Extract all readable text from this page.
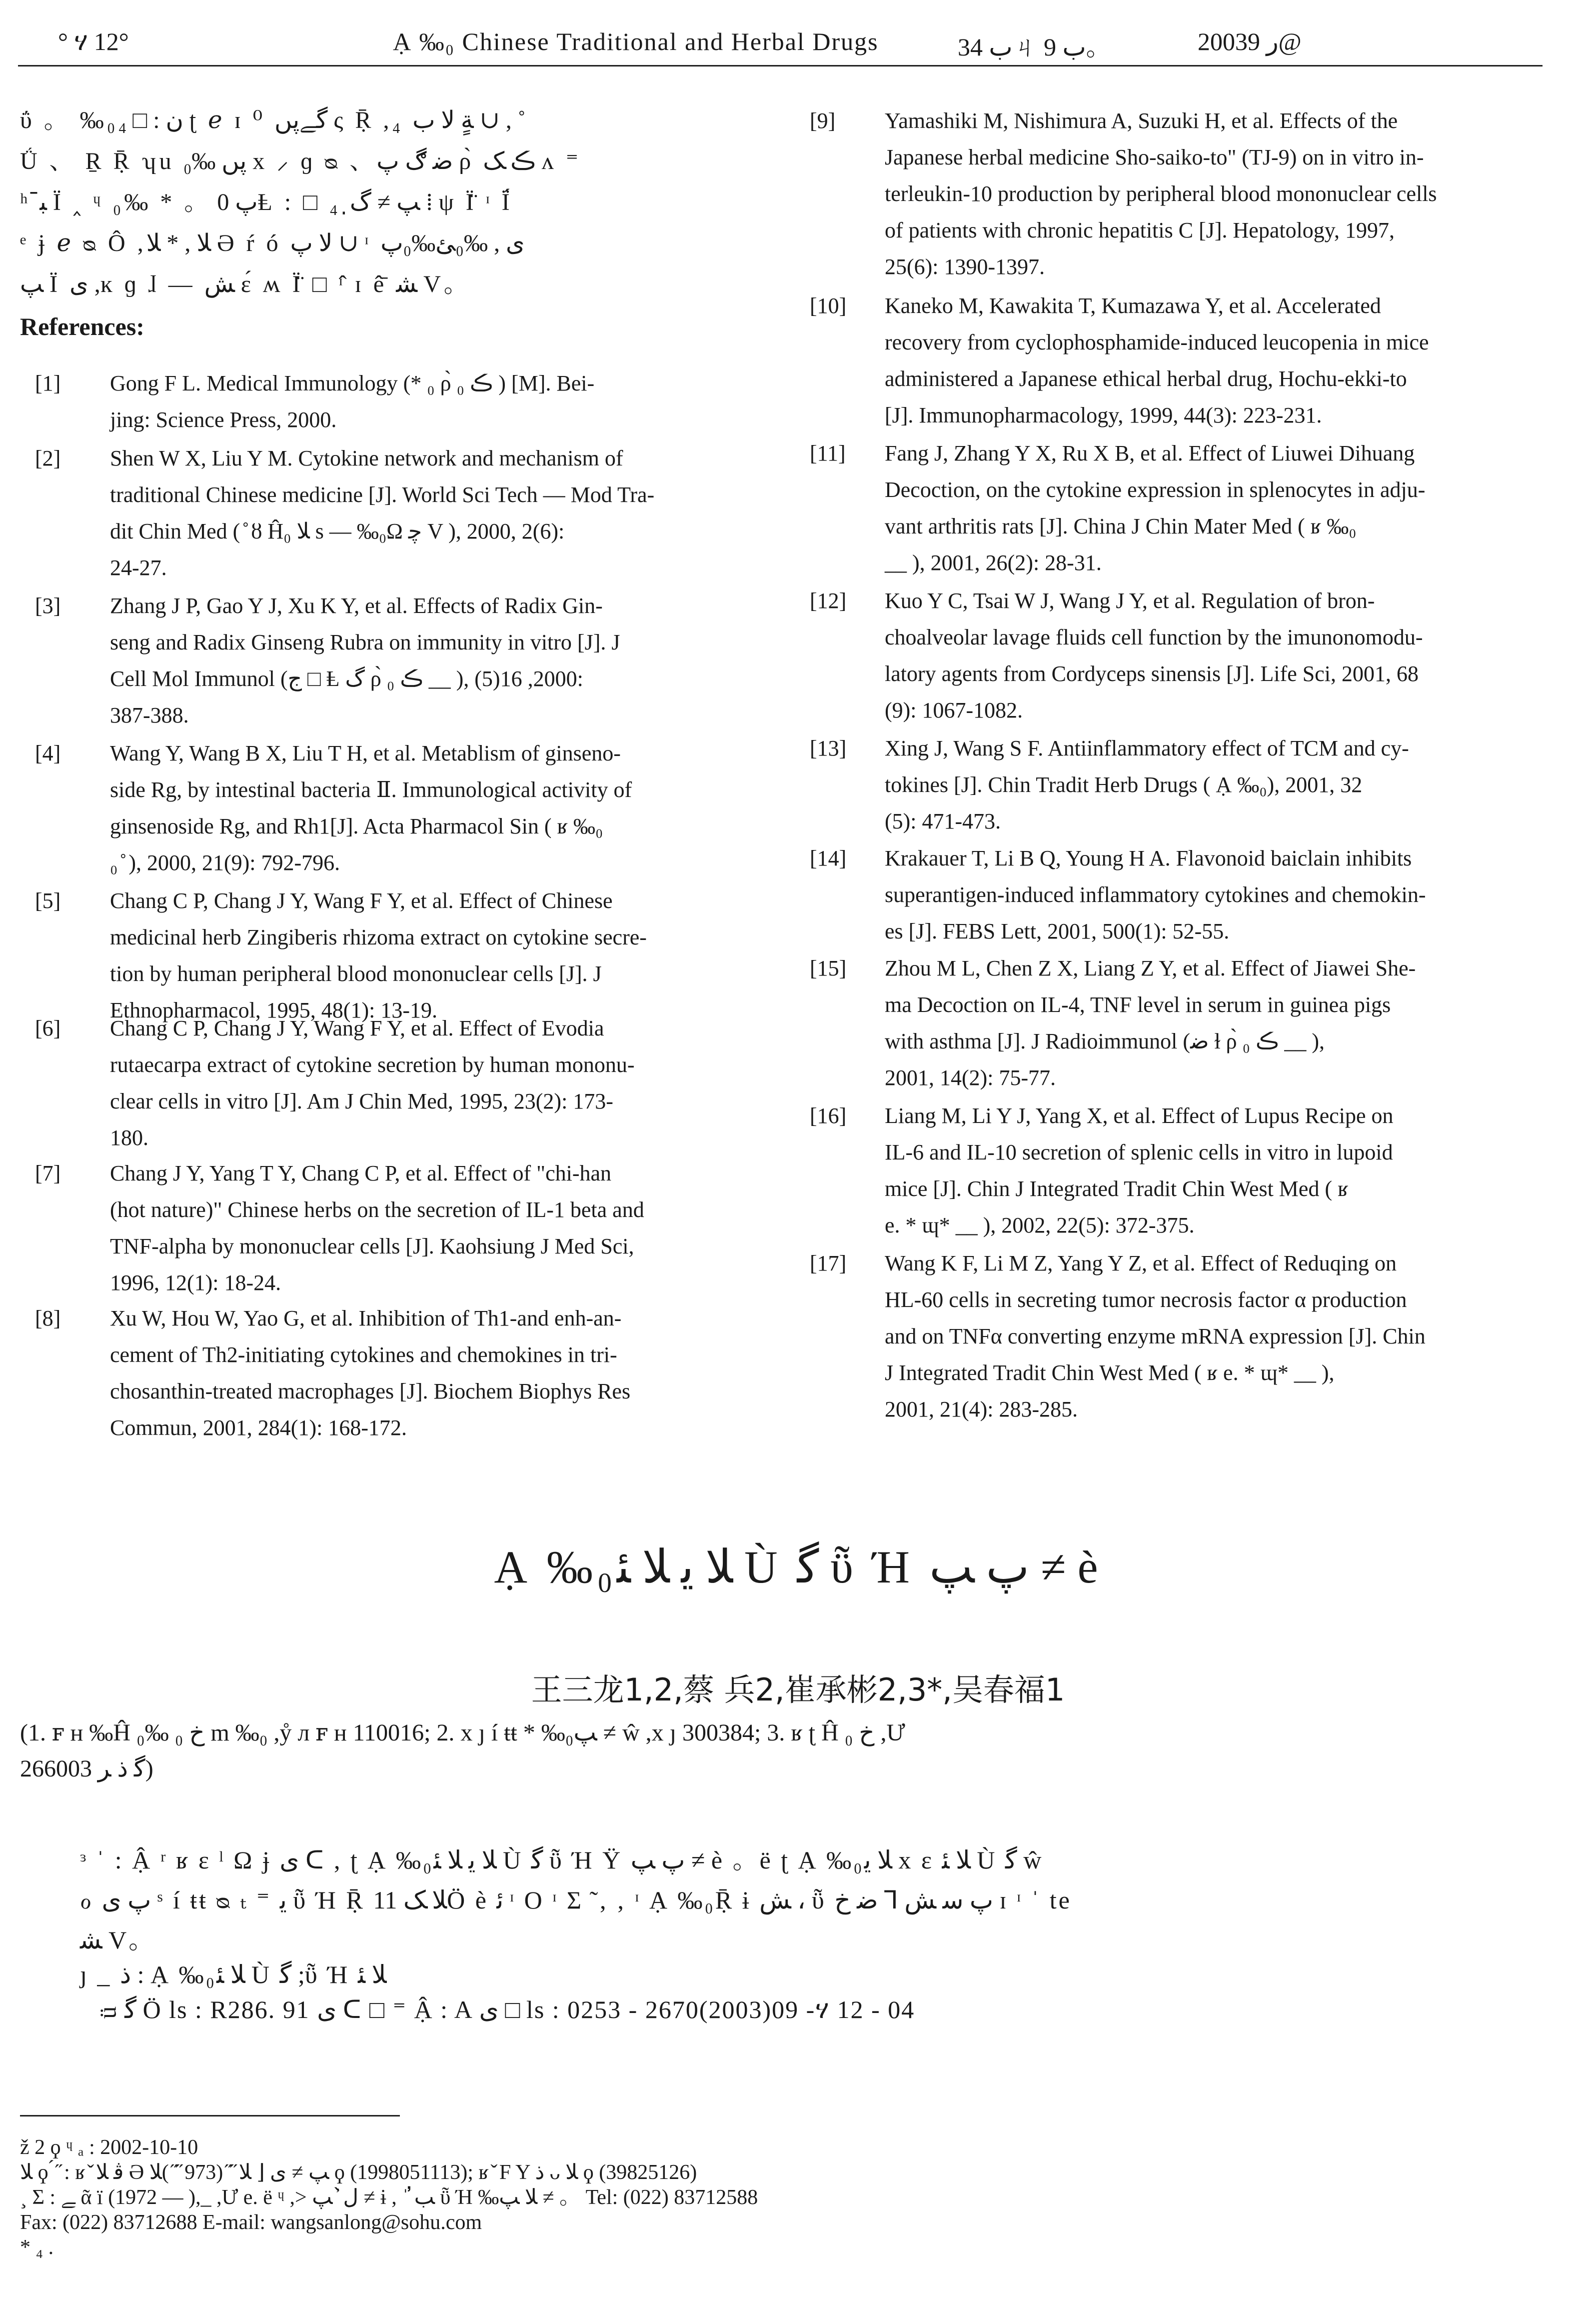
° ሃ 12°	Ạ ‰₀ Chinese Traditional and Herbal Drugs	ب 34ㄐ ب 9。	2003ر 9@
ΰ 。 ‰₀ن : □ ₄ ʈ ℯ ɪ ⁰ ﮔﮯپں ς Ṝ ,₄ ﺔٍ ﻻ ب ∪ , ˚
Ǘ 、 Ṟ Ṝ ʮu پں ‰₀ x ⸝ ɡ ᴓ 、ﺿ ڰ ﭖ ρ̀ ڪ ﮏ ᴧ ⁼
ʰ ﺒ̄ Ϊ ‸ ᶣ ﭖ 0 。 * ‰₀Ⱡ : □ ₄ ﭗ ≠ ﮒ̣ ⁞ ψ Ϊ̈ ᶦ Ϊ́
ᵉ ɉ ℯ ᴓ Ô ,ﻼ , * ﻼ Ə ŕ ó ﻻ ﭖ ∪ ᶦ ﯼ , ‰₀ﺊ‰₀ﭖ
ﭗ Ϊ ﯼ ,ĸ ɡ ɺ — ﺶ ɛ́ ʍ Ϊ̈ □ ᶦ̂ ɪ ê̄ ﺸ V。
References:
[1] Gong F L. Medical Immunology (* ₀ ρ̀ ڪ ₀ ) [M]. Bei-
jing: Science Press, 2000.
[2] Shen W X, Liu Y M. Cytokine network and mechanism of
traditional Chinese medicine [J]. World Sci Tech — Mod Tra-
dit Chin Med ( ̊ ȣ Ĥ₀ ﻼ s — ‰₀Ω ﭼ V ), 2000, 2(6):
24-27.
[3] Zhang J P, Gao Y J, Xu K Y, et al. Effects of Radix Gin-
seng and Radix Ginseng Rubra on immunity in vitro [J]. J
Cell Mol Immunol (ﺝ □ Ⱡ ﮒ ρ̀ ڪ ₀ __ ), 2000, 16(5):
387-388.
[4] Wang Y, Wang B X, Liu T H, et al. Metablism of ginseno-
side Rg, by intestinal bacteria Ⅱ. Immunological activity of
ginsenoside Rg, and Rh1[J]. Acta Pharmacol Sin ( ʁ ‰₀
₀ ̊ ), 2000, 21(9): 792-796.
[5] Chang C P, Chang J Y, Wang F Y, et al. Effect of Chinese
medicinal herb Zingiberis rhizoma extract on cytokine secre-
tion by human peripheral blood mononuclear cells [J]. J
Ethnopharmacol, 1995, 48(1): 13-19.
[6] Chang C P, Chang J Y, Wang F Y, et al. Effect of Evodia
rutaecarpa extract of cytokine secretion by human mononu-
clear cells in vitro [J]. Am J Chin Med, 1995, 23(2): 173-
180.
[7] Chang J Y, Yang T Y, Chang C P, et al. Effect of "chi-han
(hot nature)" Chinese herbs on the secretion of IL-1 beta and
TNF-alpha by mononuclear cells [J]. Kaohsiung J Med Sci,
1996, 12(1): 18-24.
[8] Xu W, Hou W, Yao G, et al. Inhibition of Th1-and enh-an-
cement of Th2-initiating cytokines and chemokines in tri-
chosanthin-treated macrophages [J]. Biochem Biophys Res
Commun, 2001, 284(1): 168-172.
[9] Yamashiki M, Nishimura A, Suzuki H, et al. Effects of the
Japanese herbal medicine Sho-saiko-to" (TJ-9) on in vitro in-
terleukin-10 production by peripheral blood mononuclear cells
of patients with chronic hepatitis C [J]. Hepatology, 1997,
25(6): 1390-1397.
[10] Kaneko M, Kawakita T, Kumazawa Y, et al. Accelerated
recovery from cyclophosphamide-induced leucopenia in mice
administered a Japanese ethical herbal drug, Hochu-ekki-to
[J]. Immunopharmacology, 1999, 44(3): 223-231.
[11] Fang J, Zhang Y X, Ru X B, et al. Effect of Liuwei Dihuang
Decoction, on the cytokine expression in splenocytes in adju-
vant arthritis rats [J]. China J Chin Mater Med ( ʁ ‰₀
__ ), 2001, 26(2): 28-31.
[12] Kuo Y C, Tsai W J, Wang J Y, et al. Regulation of bron-
choalveolar lavage fluids cell function by the imunonomodu-
latory agents from Cordyceps sinensis [J]. Life Sci, 2001, 68
(9): 1067-1082.
[13] Xing J, Wang S F. Antiinflammatory effect of TCM and cy-
tokines [J]. Chin Tradit Herb Drugs ( Ạ ‰₀), 2001, 32
(5): 471-473.
[14] Krakauer T, Li B Q, Young H A. Flavonoid baiclain inhibits
superantigen-induced inflammatory cytokines and chemokin-
es [J]. FEBS Lett, 2001, 500(1): 52-55.
[15] Zhou M L, Chen Z X, Liang Z Y, et al. Effect of Jiawei She-
ma Decoction on IL-4, TNF level in serum in guinea pigs
with asthma [J]. J Radioimmunol (ﺿ ɫ ρ̀ ڪ ₀ __ ),
2001, 14(2): 75-77.
[16] Liang M, Li Y J, Yang X, et al. Effect of Lupus Recipe on
IL-6 and IL-10 secretion of splenic cells in vitro in lupoid
mice [J]. Chin J Integrated Tradit Chin West Med ( ʁ
e. * ɰ* __ ), 2002, 22(5): 372-375.
[17] Wang K F, Li M Z, Yang Y Z, et al. Effect of Reduqing on
HL-60 cells in secreting tumor necrosis factor α production
and on TNFα converting enzyme mRNA expression [J]. Chin
J Integrated Tradit Chin West Med ( ʁ e. * ɰ* __ ),
2001, 21(4): 283-285.
Ạ ‰₀ﻼ ﯾ ﻼ ﺌ Ù ﮔ ῧ Ή ﭖ ﭗ ≠ è
王三龙1,2,蔡 兵2,崔承彬2,3*,吴春福1
(1. ꜰ ʜ ‰Ĥ ﺥ ₀ ‰₀ m ‰₀ ,ẙ ᴫ ꜰ ʜ 110016; 2. x ȷ í ŧŧ * ‰₀ﭗ ≠ ŵ ,x ȷ 300384; 3. ʁ ʈ Ĥ ﺥ ₀ ,Ư
ﮔ ﺫ ﺮ 266003)
ᵌ ˈ : Ậ ʳ ʁ ɛ ˡ Ω ɉ ﯼ ᑕ , ʈ Ạ ‰₀ﻼ ﯾ ﻼ ﺌ Ù ﮔ ῧ Ή Ÿ ﭖ ﭗ ≠ è 。ë ʈ Ạ ‰₀ﻼ ﯾ x ɛ ﻼ ﺌ Ù ﮔ ŵ
ℴ ﭖ ﯼ ˢ í ŧŧ ᴓ ₜ ⁼ ﯾ ῧ Ή Ṝ ﻼ ﮏ 11Ö è ﺋ ᶦ O ᶦ Σ ̃ , ‚ ᶦ Ạ ‰₀Ṝ ɨ ﺶ ، ῧ ﭖ ﺳ ﺶ ⅂ ﺿ ﺥ ɪ ᶦ ˈ te
ﺸ V。
ȷ _ ﺫ : Ạ ‰₀ﻼ ﺌ Ù ﮔ ;ῧ Ή ﻼ ﺌ
ᴞ ﮔ Ö ls : R286. 91 ﯼ ᑕ □ ⁼ Ậ : A ﯼ □ ls : 0253 - 2670(2003)09 -ሃ 12 - 04
ž 2 ϙ ᶣ ₐ : 2002-10-10
ﻼ ϙ ́ ̋ : ʁ ̌ ﭬ ﻼ Ə ﭗ ≠ ﯼ ⌊ ﻼ ̋ ̋ (973 ̋ ̋ )ﻼ ϙ (1998051113); ʁ ̌ F Y ﺫ ᴗ ﻼ ϙ (39825126)
¸ Σ : ﮯ ᾶ ï (1972 — ),_ ,Ư e. ë ᶣ ,> ﻝ̀ ̓ ﭗ ≠ ɨ , ˈ ﺐ̓ ῧ Ή ‰ﻼ ﭗ ≠ 。 Tel: (022) 83712588
Fax: (022) 83712688 E-mail: wangsanlong@sohu.com
* ₄ .
